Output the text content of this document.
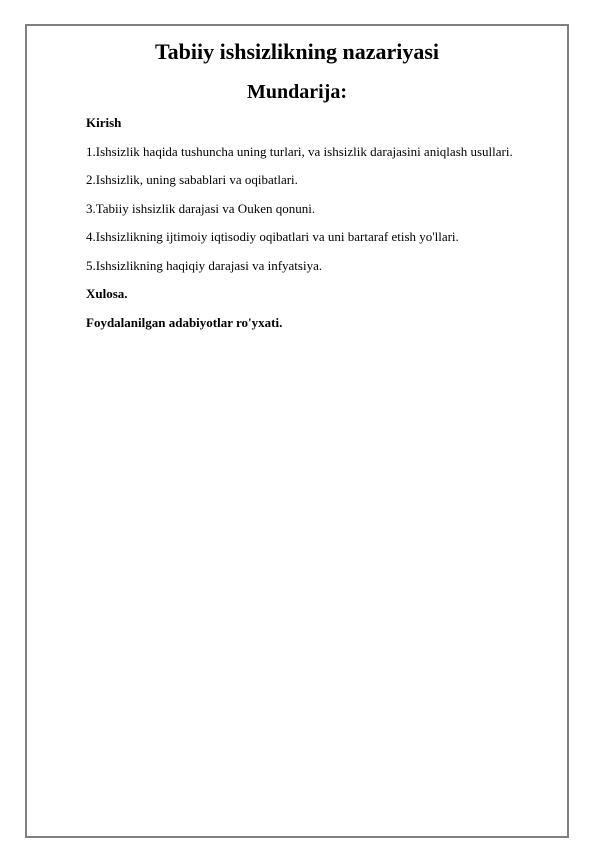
Tabiiy ishsizlikning nazariyasi
Mundarija:
Kirish
1.Ishsizlik haqida tushuncha uning turlari, va ishsizlik darajasini aniqlash usullari.
2.Ishsizlik, uning sabablari va oqibatlari.
3.Tabiiy ishsizlik darajasi va Ouken qonuni.
4.Ishsizlikning ijtimoiy iqtisodiy oqibatlari va uni bartaraf etish yo'llari.
5.Ishsizlikning haqiqiy darajasi va infyatsiya.
Xulosa.
Foydalanilgan adabiyotlar ro'yxati.
